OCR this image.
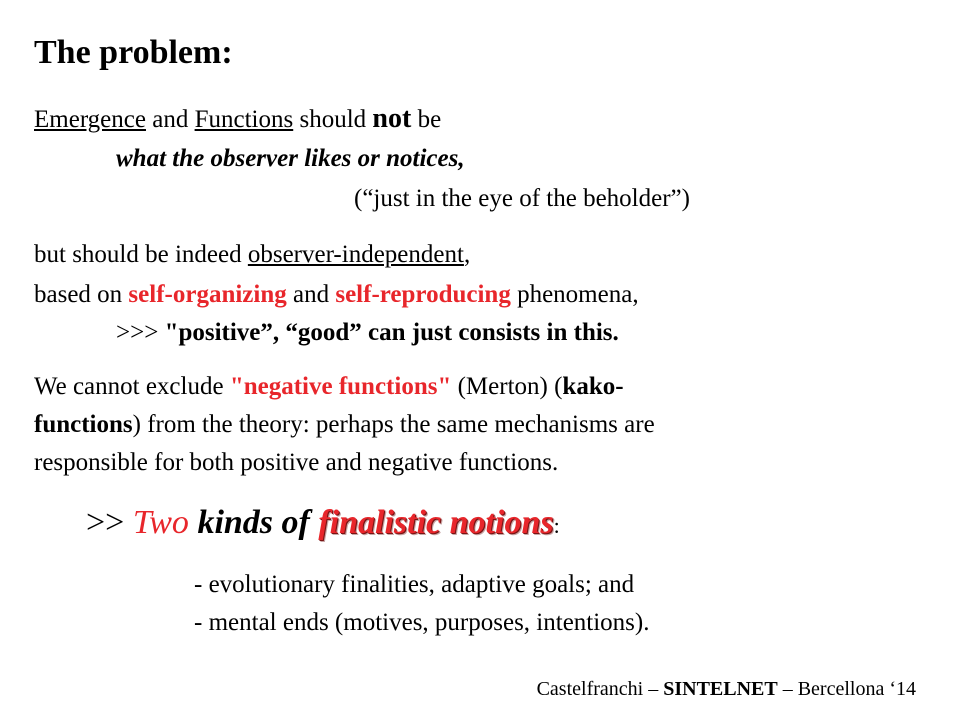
The problem:
Emergence and Functions should not be
what the observer likes or notices,
(“just in the eye of the beholder”)
but should be indeed observer-independent,
based on self-organizing and self-reproducing phenomena,
>>> "positive”, “good” can just consists in this.
We cannot exclude "negative functions" (Merton) (kako-
functions) from the theory: perhaps the same mechanisms are
responsible for both positive and negative functions.
>> Two kinds of finalistic notions:
- evolutionary finalities, adaptive goals; and
- mental ends (motives, purposes, intentions).
Castelfranchi – SINTELNET – Bercellona ‘14
